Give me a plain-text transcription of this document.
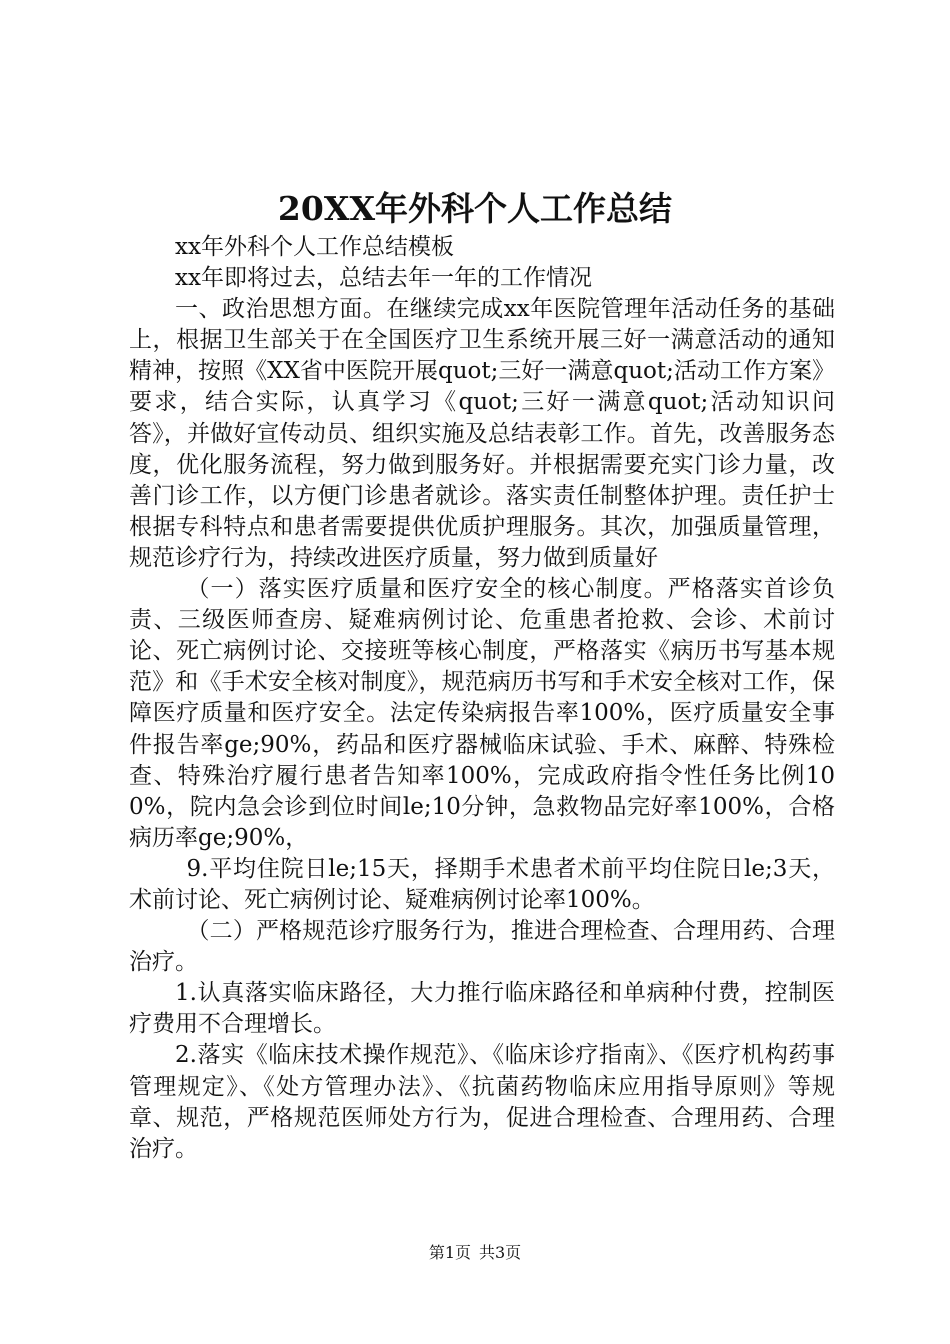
20XX年外科个人工作总结

xx年外科个人工作总结模板

xx年即将过去，总结去年一年的工作情况

一、政治思想方面。在继续完成xx年医院管理年活动任务的基础上，根据卫生部关于在全国医疗卫生系统开展三好一满意活动的通知精神，按照《XX省中医院开展quot;三好一满意quot;活动工作方案》要求，结合实际，认真学习《quot;三好一满意quot;活动知识问答》，并做好宣传动员、组织实施及总结表彰工作。首先，改善服务态度，优化服务流程，努力做到服务好。并根据需要充实门诊力量，改善门诊工作，以方便门诊患者就诊。落实责任制整体护理。责任护士根据专科特点和患者需要提供优质护理服务。其次，加强质量管理，规范诊疗行为，持续改进医疗质量，努力做到质量好

（一）落实医疗质量和医疗安全的核心制度。严格落实首诊负责、三级医师查房、疑难病例讨论、危重患者抢救、会诊、术前讨论、死亡病例讨论、交接班等核心制度，严格落实《病历书写基本规范》和《手术安全核对制度》，规范病历书写和手术安全核对工作，保障医疗质量和医疗安全。法定传染病报告率100%，医疗质量安全事件报告率ge;90%，药品和医疗器械临床试验、手术、麻醉、特殊检查、特殊治疗履行患者告知率100%，完成政府指令性任务比例100%，院内急会诊到位时间le;10分钟，急救物品完好率100%，合格病历率ge;90%，

9.平均住院日le;15天，择期手术患者术前平均住院日le;3天，术前讨论、死亡病例讨论、疑难病例讨论率100%。

（二）严格规范诊疗服务行为，推进合理检查、合理用药、合理治疗。

1.认真落实临床路径，大力推行临床路径和单病种付费，控制医疗费用不合理增长。

2.落实《临床技术操作规范》、《临床诊疗指南》、《医疗机构药事管理规定》、《处方管理办法》、《抗菌药物临床应用指导原则》等规章、规范，严格规范医师处方行为，促进合理检查、合理用药、合理治疗。

第1页 共3页
